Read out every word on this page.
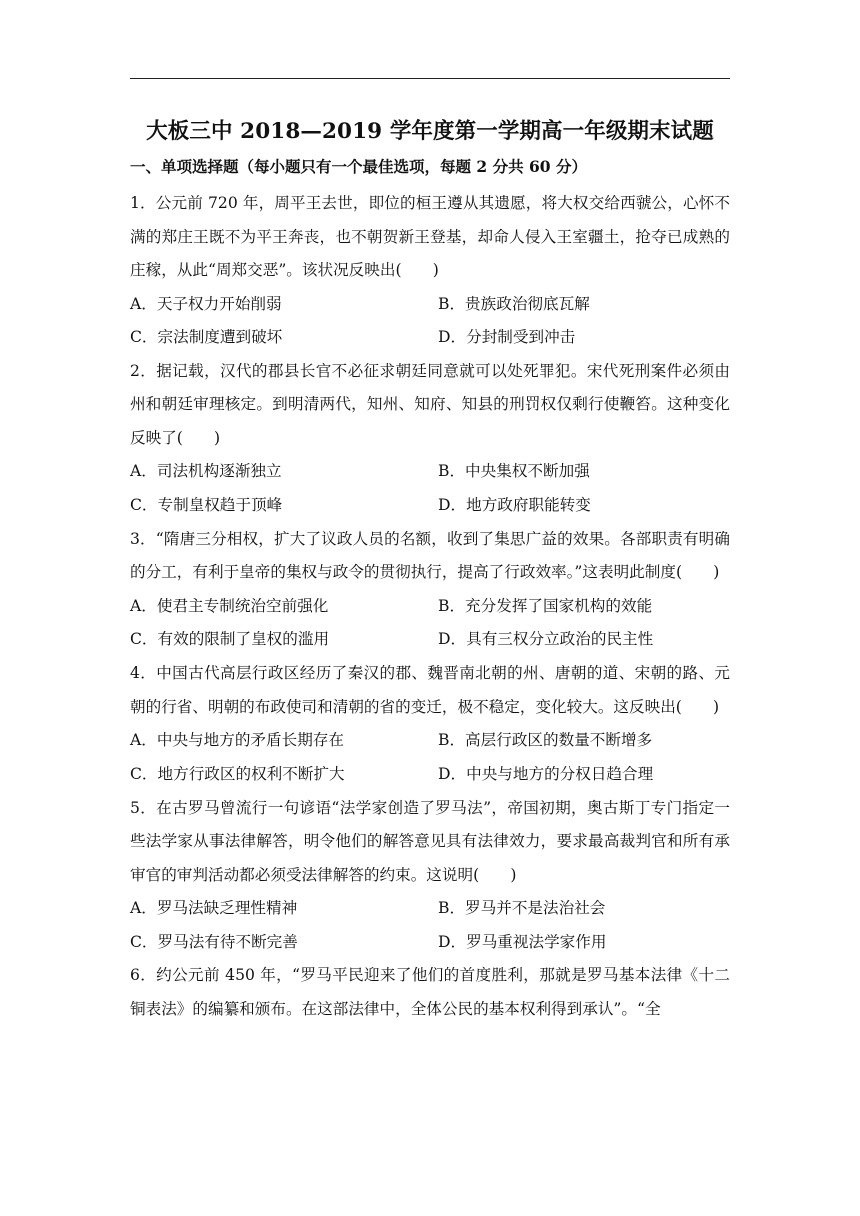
大板三中 2018—2019 学年度第一学期高一年级期末试题
一、单项选择题（每小题只有一个最佳选项，每题 2 分共 60 分）

1．公元前 720 年，周平王去世，即位的桓王遵从其遗愿，将大权交给西虢公，心怀不满的郑庄王既不为平王奔丧，也不朝贺新王登基，却命人侵入王室疆土，抢夺已成熟的庄稼，从此“周郑交恶”。该状况反映出(　　)

A．天子权力开始削弱	B．贵族政治彻底瓦解
C．宗法制度遭到破坏	D．分封制受到冲击

2．据记载，汉代的郡县长官不必征求朝廷同意就可以处死罪犯。宋代死刑案件必须由州和朝廷审理核定。到明清两代，知州、知府、知县的刑罚权仅剩行使鞭笞。这种变化反映了(　　)

A．司法机构逐渐独立	B．中央集权不断加强
C．专制皇权趋于顶峰	D．地方政府职能转变

3．“隋唐三分相权，扩大了议政人员的名额，收到了集思广益的效果。各部职责有明确的分工，有利于皇帝的集权与政令的贯彻执行，提高了行政效率。”这表明此制度(　　)

A．使君主专制统治空前强化	B．充分发挥了国家机构的效能
C．有效的限制了皇权的滥用	D．具有三权分立政治的民主性

4．中国古代高层行政区经历了秦汉的郡、魏晋南北朝的州、唐朝的道、宋朝的路、元朝的行省、明朝的布政使司和清朝的省的变迁，极不稳定，变化较大。这反映出(　　)

A．中央与地方的矛盾长期存在	B．高层行政区的数量不断增多
C．地方行政区的权利不断扩大	D．中央与地方的分权日趋合理

5．在古罗马曾流行一句谚语“法学家创造了罗马法”，帝国初期，奥古斯丁专门指定一些法学家从事法律解答，明令他们的解答意见具有法律效力，要求最高裁判官和所有承审官的审判活动都必须受法律解答的约束。这说明(　　)

A．罗马法缺乏理性精神	B．罗马并不是法治社会
C．罗马法有待不断完善	D．罗马重视法学家作用

6．约公元前 450 年，“罗马平民迎来了他们的首度胜利，那就是罗马基本法律《十二铜表法》的编纂和颁布。在这部法律中，全体公民的基本权利得到承认”。“全
